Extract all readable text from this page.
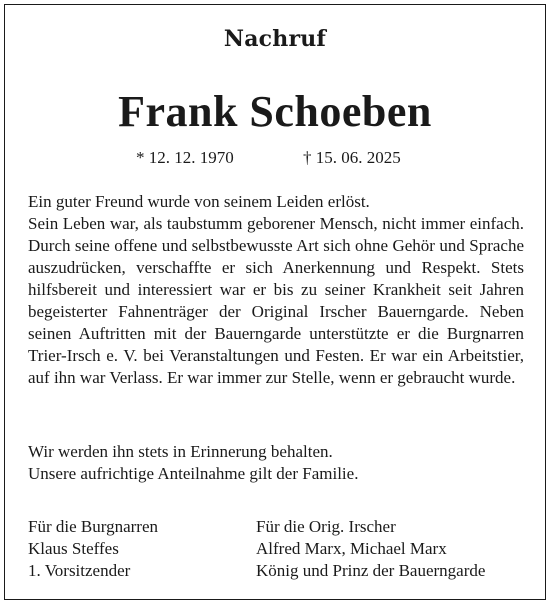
Nachruf
Frank Schoeben
* 12. 12. 1970	† 15. 06. 2025

Ein guter Freund wurde von seinem Leiden erlöst.

Sein Leben war, als taubstumm geborener Mensch, nicht immer einfach. Durch seine offene und selbstbewusste Art sich ohne Gehör und Sprache auszudrücken, verschaffte er sich Anerkennung und Respekt. Stets hilfsbereit und interessiert war er bis zu seiner Krankheit seit Jahren begeisterter Fahnenträger der Original Irscher Bauerngarde. Neben seinen Auftritten mit der Bauerngarde unterstützte er die Burgnarren Trier-Irsch e. V. bei Veranstaltungen und Festen. Er war ein Arbeitstier, auf ihn war Verlass. Er war immer zur Stelle, wenn er gebraucht wurde.

Wir werden ihn stets in Erinnerung behalten.
Unsere aufrichtige Anteilnahme gilt der Familie.
Für die Burgnarren
Klaus Steffes
1. Vorsitzender
Für die Orig. Irscher
Alfred Marx, Michael Marx
König und Prinz der Bauerngarde
